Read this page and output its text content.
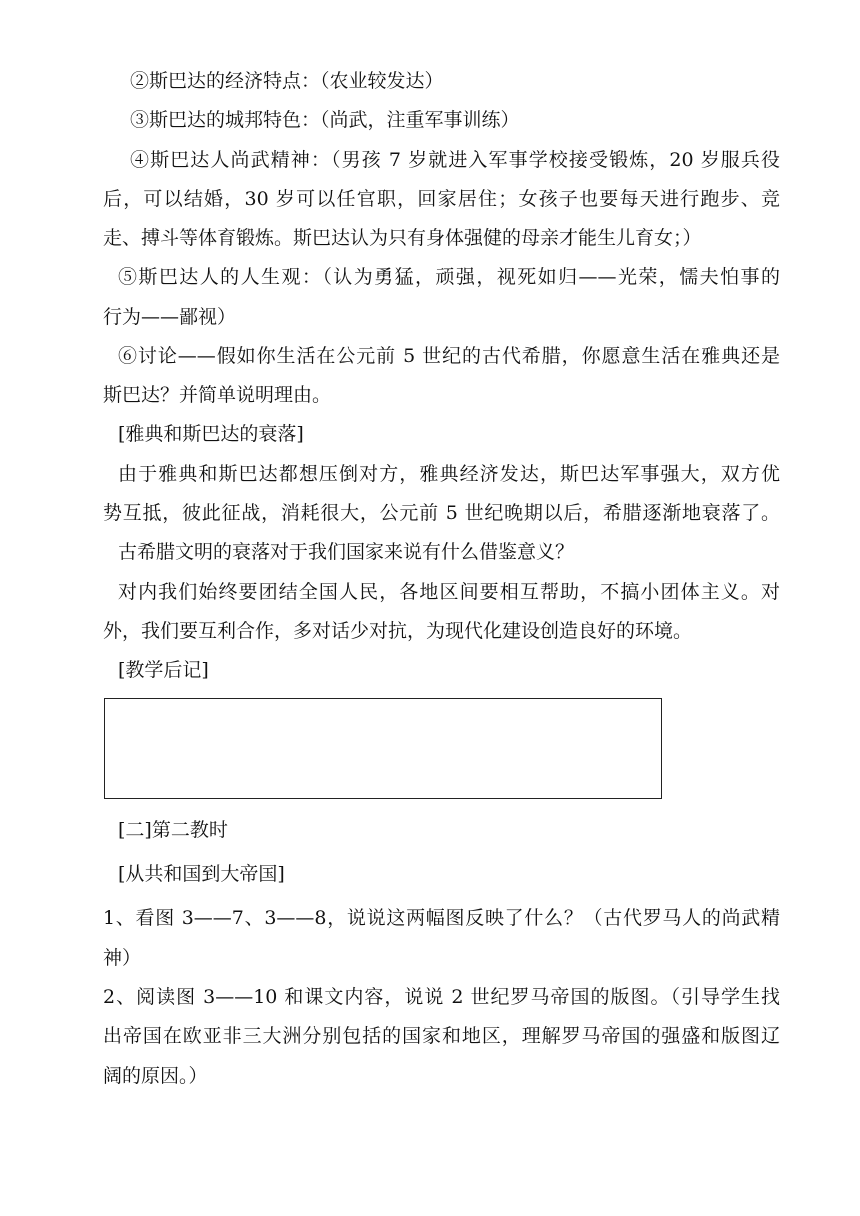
②斯巴达的经济特点：（农业较发达）
③斯巴达的城邦特色：（尚武，注重军事训练）
④斯巴达人尚武精神：（男孩 7 岁就进入军事学校接受锻炼，20 岁服兵役
后，可以结婚，30 岁可以任官职，回家居住；女孩子也要每天进行跑步、竞
走、搏斗等体育锻炼。斯巴达认为只有身体强健的母亲才能生儿育女；）
⑤斯巴达人的人生观：（认为勇猛，顽强，视死如归——光荣，懦夫怕事的
行为——鄙视）
⑥讨论——假如你生活在公元前 5 世纪的古代希腊，你愿意生活在雅典还是
斯巴达？并简单说明理由。
[雅典和斯巴达的衰落]
由于雅典和斯巴达都想压倒对方，雅典经济发达，斯巴达军事强大，双方优
势互抵，彼此征战，消耗很大，公元前 5 世纪晚期以后，希腊逐渐地衰落了。
古希腊文明的衰落对于我们国家来说有什么借鉴意义？
对内我们始终要团结全国人民，各地区间要相互帮助，不搞小团体主义。对
外，我们要互利合作，多对话少对抗，为现代化建设创造良好的环境。
[教学后记]
[二]第二教时
[从共和国到大帝国]
1、看图 3——7、3——8，说说这两幅图反映了什么？（古代罗马人的尚武精
神）
2、阅读图 3——10 和课文内容，说说 2 世纪罗马帝国的版图。（引导学生找
出帝国在欧亚非三大洲分别包括的国家和地区，理解罗马帝国的强盛和版图辽
阔的原因。）
